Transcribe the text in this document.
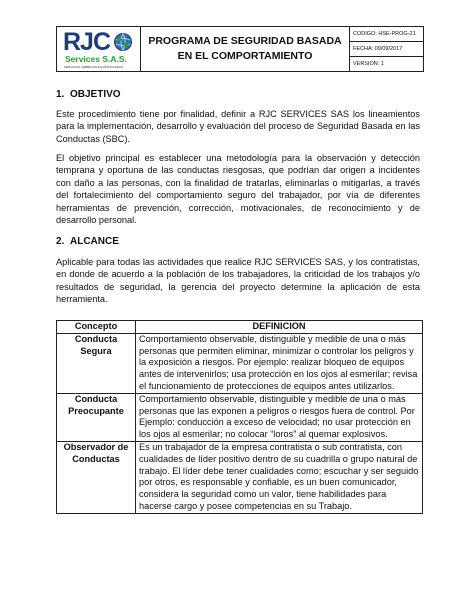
RJC
Services S.A.S.
SERVICIOS AMBIENTALES PETROLEROS
PROGRAMA DE SEGURIDAD BASADA EN EL COMPORTAMIENTO
CODIGO: HSE-PROG-21
FECHA: 09/09/2017
VERSION: 1
1. OBJETIVO

Este procedimiento tiene por finalidad, definir a RJC SERVICES SAS los lineamientos para la implementación, desarrollo y evaluación del proceso de Seguridad Basada en las Conductas (SBC).

El objetivo principal es establecer una metodología para la observación y detección temprana y oportuna de las conductas riesgosas, que podrían dar origen a incidentes con daño a las personas, con la finalidad de tratarlas, eliminarlas o mitigarlas, a través del fortalecimiento del comportamiento seguro del trabajador, por vía de diferentes herramientas de prevención, corrección, motivacionales, de reconocimiento y de desarrollo personal.

2. ALCANCE

Aplicable para todas las actividades que realice RJC SERVICES SAS, y los contratistas, en donde de acuerdo a la población de los trabajadores, la criticidad de los trabajos y/o resultados de seguridad, la gerencia del proyecto determine la aplicación de esta herramienta.

Concepto	DEFINICION
Conducta Segura	Comportamiento observable, distinguible y medible de una o más personas que permiten eliminar, minimizar o controlar los peligros y la exposición a riesgos. Por ejemplo: realizar bloqueo de equipos antes de intervenirlos; usa protección en los ojos al esmerilar; revisa el funcionamiento de protecciones de equipos antes utilizarlos.
Conducta Preocupante	Comportamiento observable, distinguible y medible de una o más personas que las exponen a peligros o riesgos fuera de control. Por Ejemplo: conducción a exceso de velocidad; no usar protección en los ojos al esmerilar; no colocar “loros” al quemar explosivos.
Observador de Conductas	Es un trabajador de la empresa contratista o sub contratista, con cualidades de líder positivo dentro de su cuadrilla o grupo natural de trabajo. El líder debe tener cualidades como; escuchar y ser seguido por otros, es responsable y confiable, es un buen comunicador, considera la seguridad como un valor, tiene habilidades para hacerse cargo y posee competencias en su Trabajo.
